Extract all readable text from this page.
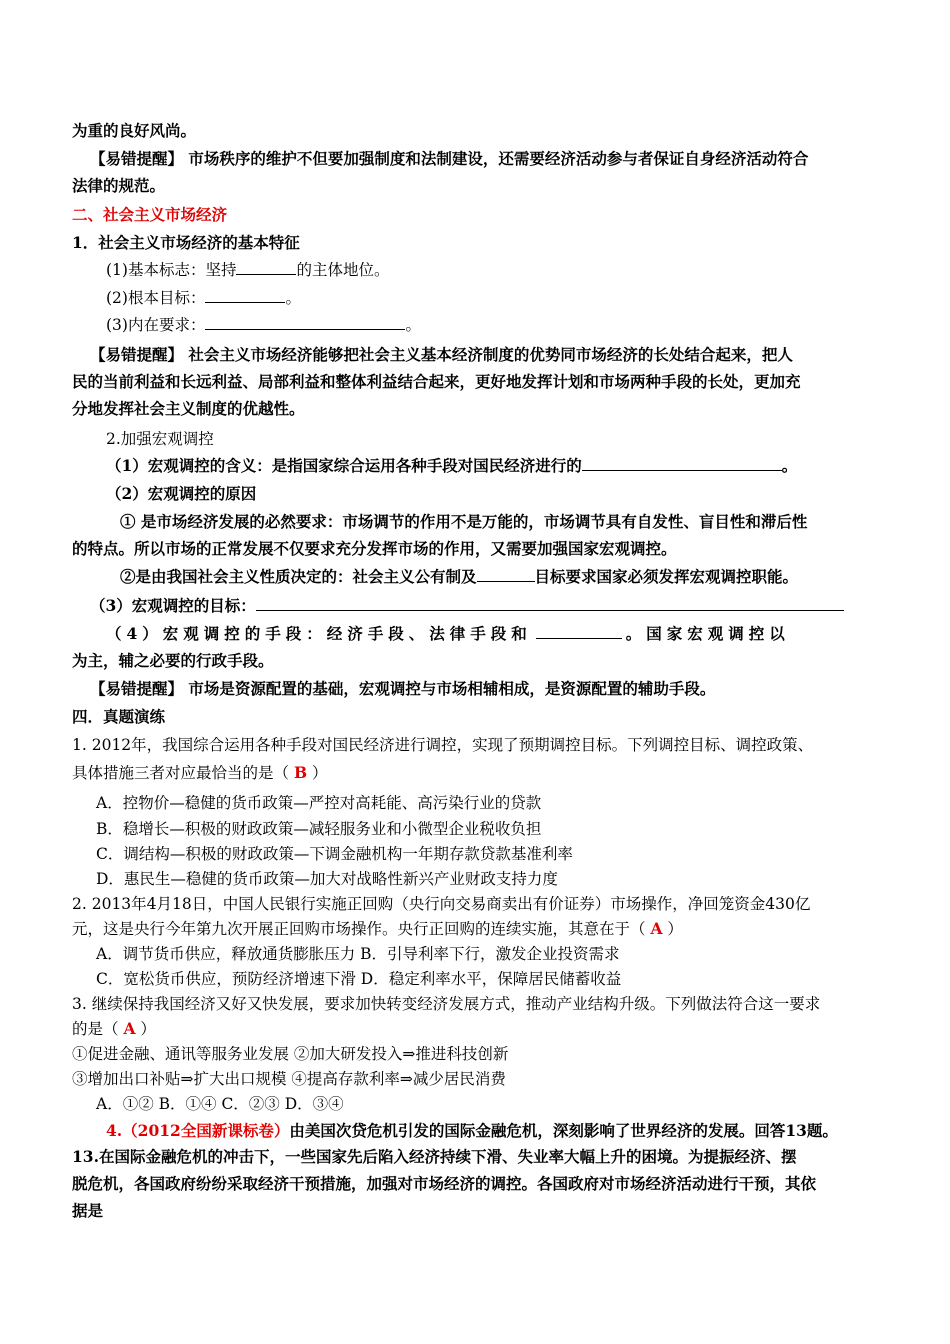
为重的良好风尚。
【易错提醒】 市场秩序的维护不但要加强制度和法制建设，还需要经济活动参与者保证自身经济活动符合
法律的规范。
二、社会主义市场经济
1．社会主义市场经济的基本特征
(1)基本标志：坚持	的主体地位。
(2)根本目标：	。
(3)内在要求：	。
【易错提醒】 社会主义市场经济能够把社会主义基本经济制度的优势同市场经济的长处结合起来，把人
民的当前利益和长远利益、局部利益和整体利益结合起来，更好地发挥计划和市场两种手段的长处，更加充
分地发挥社会主义制度的优越性。
2.加强宏观调控
（1）宏观调控的含义：是指国家综合运用各种手段对国民经济进行的	。
（2）宏观调控的原因
① 是市场经济发展的必然要求：市场调节的作用不是万能的，市场调节具有自发性、盲目性和滞后性
的特点。所以市场的正常发展不仅要求充分发挥市场的作用，又需要加强国家宏观调控。
②是由我国社会主义性质决定的：社会主义公有制及	目标要求国家必须发挥宏观调控职能。
（3）宏观调控的目标：
（4）宏观调控的手段：经济手段、法律手段和	。国家宏观调控以
为主，辅之必要的行政手段。
【易错提醒】 市场是资源配置的基础，宏观调控与市场相辅相成，是资源配置的辅助手段。
四．真题演练
1. 2012年，我国综合运用各种手段对国民经济进行调控，实现了预期调控目标。下列调控目标、调控政策、
具体措施三者对应最恰当的是（ B ）
A．控物价—稳健的货币政策—严控对高耗能、高污染行业的贷款
B．稳增长—积极的财政政策—减轻服务业和小微型企业税收负担
C．调结构—积极的财政政策—下调金融机构一年期存款贷款基准利率
D．惠民生—稳健的货币政策—加大对战略性新兴产业财政支持力度
2. 2013年4月18日，中国人民银行实施正回购（央行向交易商卖出有价证券）市场操作，净回笼资金430亿
元，这是央行今年第九次开展正回购市场操作。央行正回购的连续实施，其意在于（ A ）
A．调节货币供应，释放通货膨胀压力 B．引导利率下行，激发企业投资需求
C．宽松货币供应，预防经济增速下滑 D．稳定利率水平，保障居民储蓄收益
3. 继续保持我国经济又好又快发展，要求加快转变经济发展方式，推动产业结构升级。下列做法符合这一要求
的是（ A ）
①促进金融、通讯等服务业发展 ②加大研发投入⇒推进科技创新
③增加出口补贴⇒扩大出口规模 ④提高存款利率⇒减少居民消费
A．①② B．①④ C．②③ D．③④
4.（2012全国新课标卷）由美国次贷危机引发的国际金融危机，深刻影响了世界经济的发展。回答13题。
13.在国际金融危机的冲击下，一些国家先后陷入经济持续下滑、失业率大幅上升的困境。为提振经济、摆
脱危机，各国政府纷纷采取经济干预措施，加强对市场经济的调控。各国政府对市场经济活动进行干预，其依
据是
